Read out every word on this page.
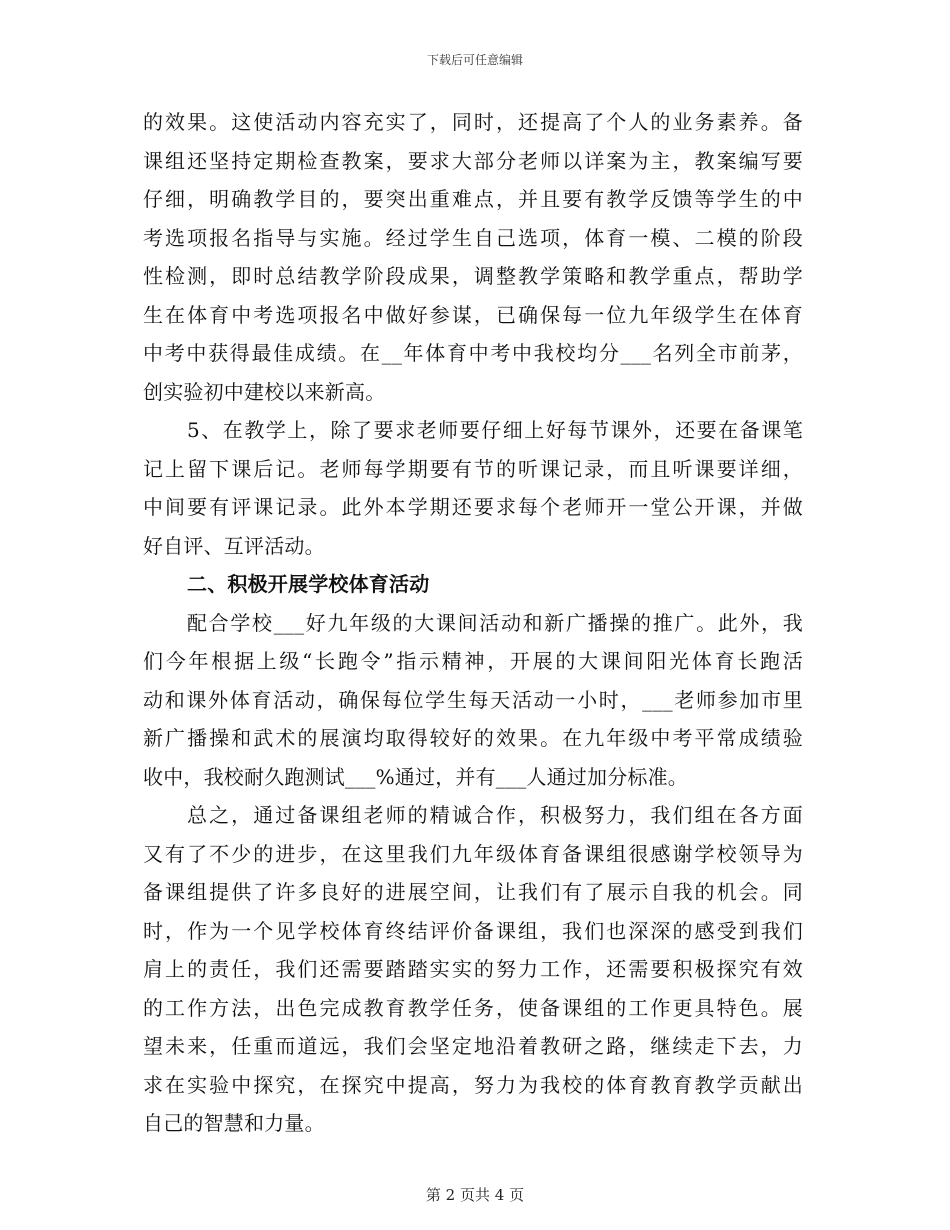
下载后可任意编辑
的效果。这使活动内容充实了，同时，还提高了个人的业务素养。备
课组还坚持定期检查教案，要求大部分老师以详案为主，教案编写要
仔细，明确教学目的，要突出重难点，并且要有教学反馈等学生的中
考选项报名指导与实施。经过学生自己选项，体育一模、二模的阶段
性检测，即时总结教学阶段成果，调整教学策略和教学重点，帮助学
生在体育中考选项报名中做好参谋，已确保每一位九年级学生在体育
中考中获得最佳成绩。在__年体育中考中我校均分___名列全市前茅，
创实验初中建校以来新高。
5、在教学上，除了要求老师要仔细上好每节课外，还要在备课笔
记上留下课后记。老师每学期要有节的听课记录，而且听课要详细，
中间要有评课记录。此外本学期还要求每个老师开一堂公开课，并做
好自评、互评活动。
二、积极开展学校体育活动
配合学校___好九年级的大课间活动和新广播操的推广。此外，我
们今年根据上级“长跑令”指示精神，开展的大课间阳光体育长跑活
动和课外体育活动，确保每位学生每天活动一小时，___老师参加市里
新广播操和武术的展演均取得较好的效果。在九年级中考平常成绩验
收中，我校耐久跑测试___%通过，并有___人通过加分标准。
总之，通过备课组老师的精诚合作，积极努力，我们组在各方面
又有了不少的进步，在这里我们九年级体育备课组很感谢学校领导为
备课组提供了许多良好的进展空间，让我们有了展示自我的机会。同
时，作为一个见学校体育终结评价备课组，我们也深深的感受到我们
肩上的责任，我们还需要踏踏实实的努力工作，还需要积极探究有效
的工作方法，出色完成教育教学任务，使备课组的工作更具特色。展
望未来，任重而道远，我们会坚定地沿着教研之路，继续走下去，力
求在实验中探究，在探究中提高，努力为我校的体育教育教学贡献出
自己的智慧和力量。
第 2 页共 4 页
